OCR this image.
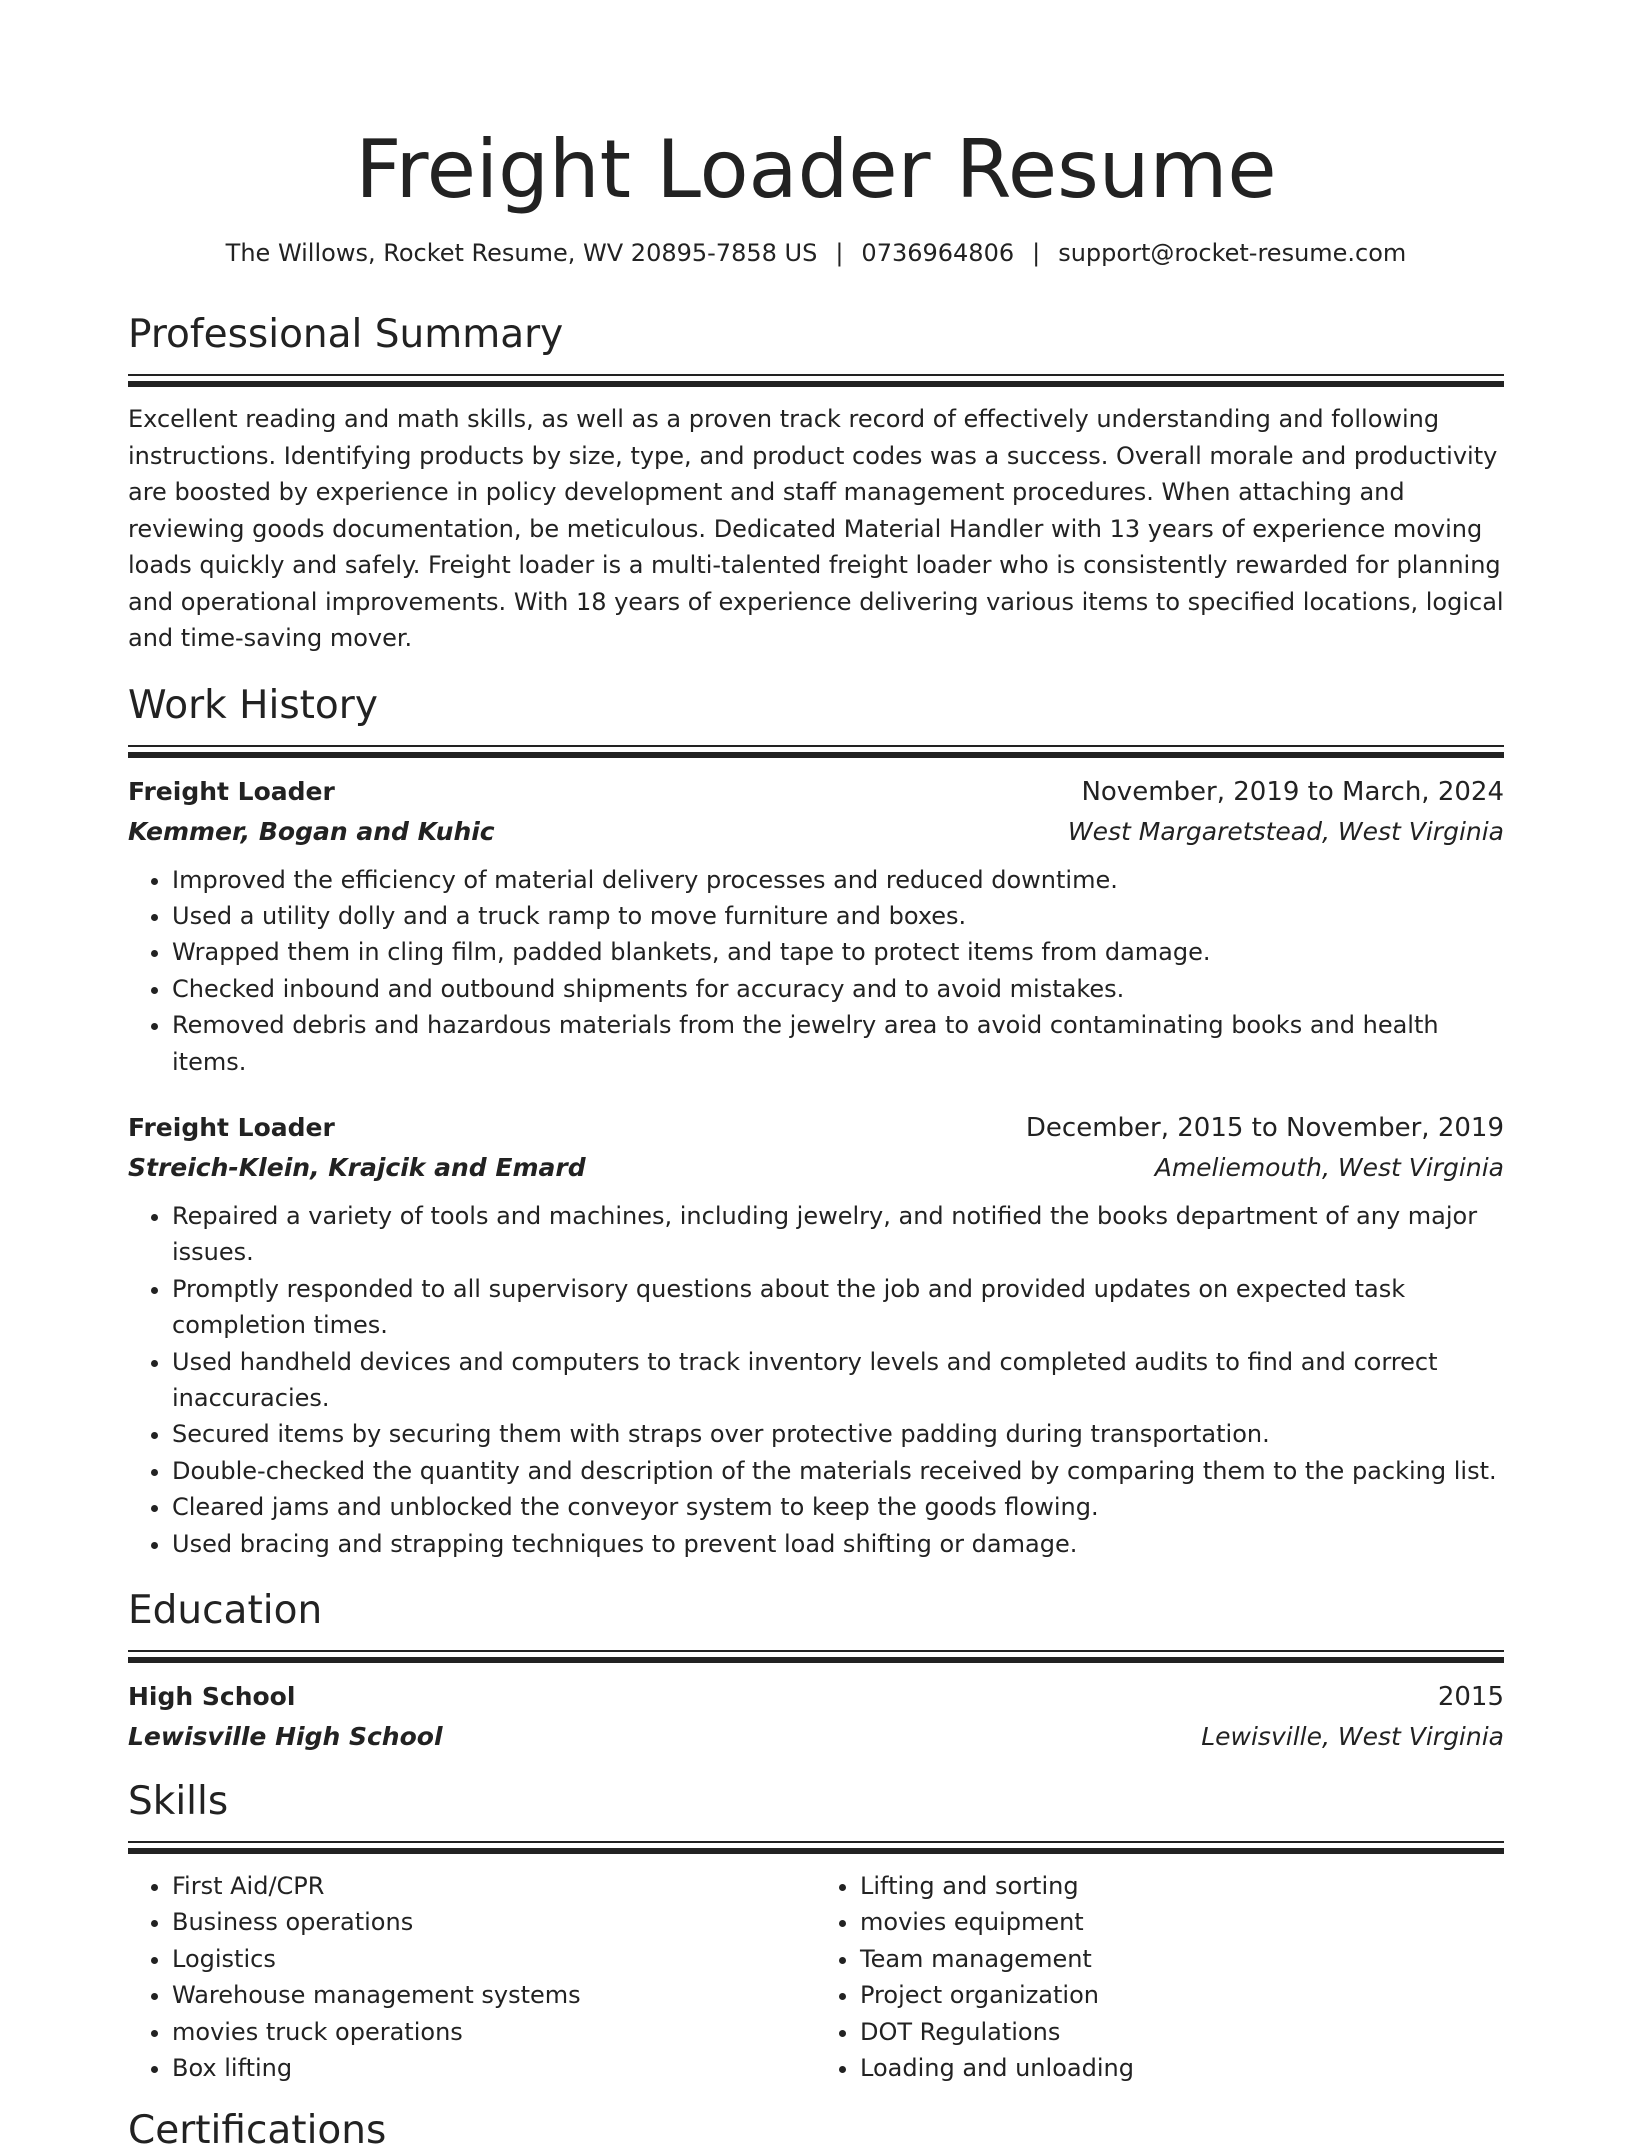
Freight Loader Resume
The Willows, Rocket Resume, WV 20895-7858 US | 0736964806 | support@rocket-resume.com
Professional Summary
Excellent reading and math skills, as well as a proven track record of effectively understanding and following instructions. Identifying products by size, type, and product codes was a success. Overall morale and productivity are boosted by experience in policy development and staff management procedures. When attaching and reviewing goods documentation, be meticulous. Dedicated Material Handler with 13 years of experience moving loads quickly and safely. Freight loader is a multi-talented freight loader who is consistently rewarded for planning and operational improvements. With 18 years of experience delivering various items to specified locations, logical and time-saving mover.
Work History
Freight Loader	November, 2019 to March, 2024
Kemmer, Bogan and Kuhic	West Margaretstead, West Virginia
• Improved the efficiency of material delivery processes and reduced downtime.
• Used a utility dolly and a truck ramp to move furniture and boxes.
• Wrapped them in cling film, padded blankets, and tape to protect items from damage.
• Checked inbound and outbound shipments for accuracy and to avoid mistakes.
• Removed debris and hazardous materials from the jewelry area to avoid contaminating books and health items.
Freight Loader	December, 2015 to November, 2019
Streich-Klein, Krajcik and Emard	Ameliemouth, West Virginia
• Repaired a variety of tools and machines, including jewelry, and notified the books department of any major issues.
• Promptly responded to all supervisory questions about the job and provided updates on expected task completion times.
• Used handheld devices and computers to track inventory levels and completed audits to find and correct inaccuracies.
• Secured items by securing them with straps over protective padding during transportation.
• Double-checked the quantity and description of the materials received by comparing them to the packing list.
• Cleared jams and unblocked the conveyor system to keep the goods flowing.
• Used bracing and strapping techniques to prevent load shifting or damage.
Education
High School	2015
Lewisville High School	Lewisville, West Virginia
Skills
• First Aid/CPR
• Business operations
• Logistics
• Warehouse management systems
• movies truck operations
• Box lifting
• Lifting and sorting
• movies equipment
• Team management
• Project organization
• DOT Regulations
• Loading and unloading
Certifications
